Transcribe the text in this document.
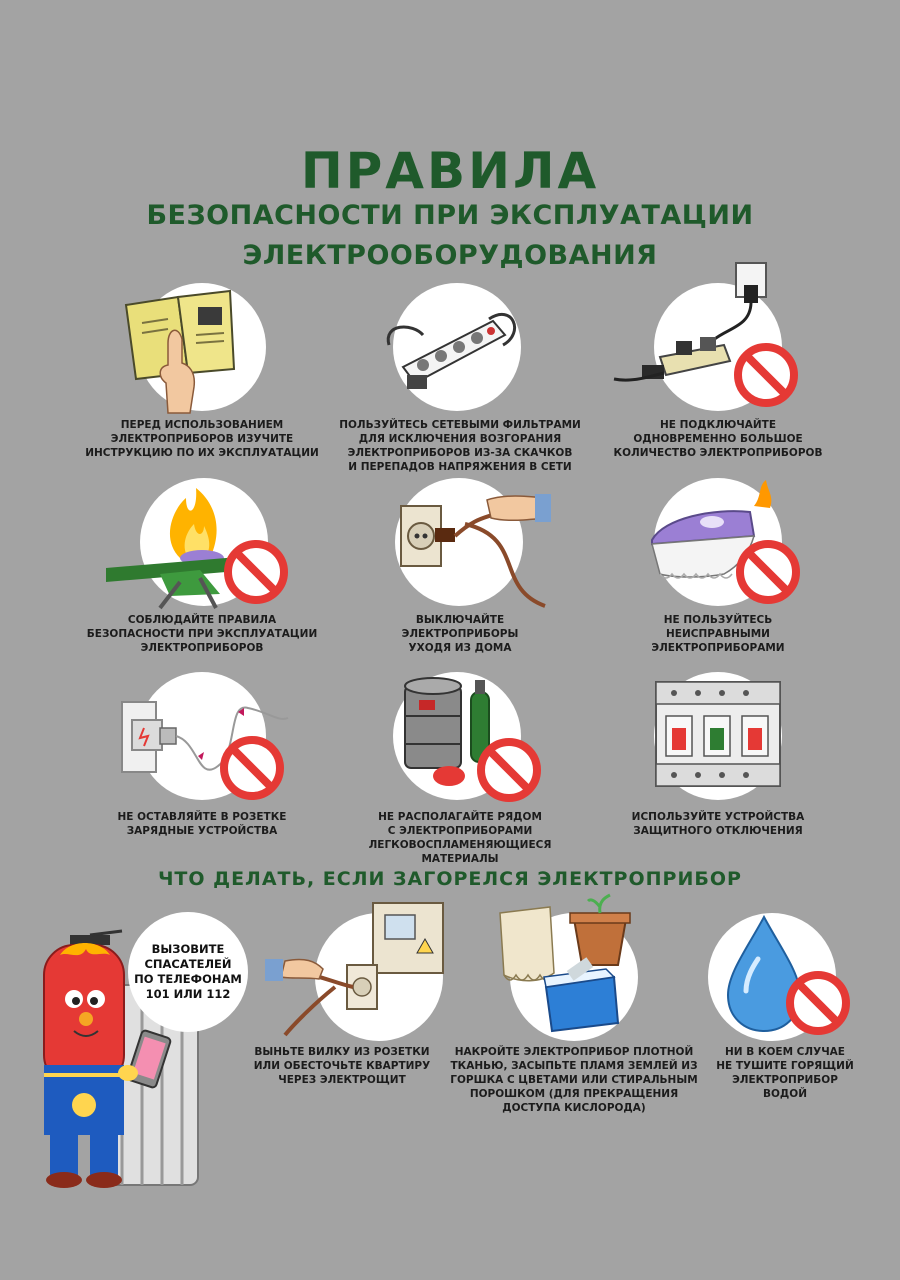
ПРАВИЛА
БЕЗОПАСНОСТИ ПРИ ЭКСПЛУАТАЦИИ
ЭЛЕКТРООБОРУДОВАНИЯ
ПЕРЕД ИСПОЛЬЗОВАНИЕМ
ЭЛЕКТРОПРИБОРОВ ИЗУЧИТЕ
ИНСТРУКЦИЮ ПО ИХ ЭКСПЛУАТАЦИИ
ПОЛЬЗУЙТЕСЬ СЕТЕВЫМИ ФИЛЬТРАМИ
ДЛЯ ИСКЛЮЧЕНИЯ ВОЗГОРАНИЯ
ЭЛЕКТРОПРИБОРОВ ИЗ-ЗА СКАЧКОВ
И ПЕРЕПАДОВ НАПРЯЖЕНИЯ В СЕТИ
НЕ ПОДКЛЮЧАЙТЕ
ОДНОВРЕМЕННО БОЛЬШОЕ
КОЛИЧЕСТВО ЭЛЕКТРОПРИБОРОВ
СОБЛЮДАЙТЕ ПРАВИЛА
БЕЗОПАСНОСТИ ПРИ ЭКСПЛУАТАЦИИ
ЭЛЕКТРОПРИБОРОВ
ВЫКЛЮЧАЙТЕ
ЭЛЕКТРОПРИБОРЫ
УХОДЯ ИЗ ДОМА
НЕ ПОЛЬЗУЙТЕСЬ
НЕИСПРАВНЫМИ
ЭЛЕКТРОПРИБОРАМИ
НЕ ОСТАВЛЯЙТЕ В РОЗЕТКЕ
ЗАРЯДНЫЕ УСТРОЙСТВА
НЕ РАСПОЛАГАЙТЕ РЯДОМ
С ЭЛЕКТРОПРИБОРАМИ
ЛЕГКОВОСПЛАМЕНЯЮЩИЕСЯ
МАТЕРИАЛЫ
ИСПОЛЬЗУЙТЕ УСТРОЙСТВА
ЗАЩИТНОГО ОТКЛЮЧЕНИЯ
ЧТО ДЕЛАТЬ, ЕСЛИ ЗАГОРЕЛСЯ ЭЛЕКТРОПРИБОР
ВЫЗОВИТЕ
СПАСАТЕЛЕЙ
ПО ТЕЛЕФОНАМ
101 ИЛИ 112
ВЫНЬТЕ ВИЛКУ ИЗ РОЗЕТКИ
ИЛИ ОБЕСТОЧЬТЕ КВАРТИРУ
ЧЕРЕЗ ЭЛЕКТРОЩИТ
НАКРОЙТЕ ЭЛЕКТРОПРИБОР ПЛОТНОЙ
ТКАНЬЮ, ЗАСЫПЬТЕ ПЛАМЯ ЗЕМЛЕЙ ИЗ
ГОРШКА С ЦВЕТАМИ ИЛИ СТИРАЛЬНЫМ
ПОРОШКОМ (ДЛЯ ПРЕКРАЩЕНИЯ
ДОСТУПА КИСЛОРОДА)
НИ В КОЕМ СЛУЧАЕ
НЕ ТУШИТЕ ГОРЯЩИЙ
ЭЛЕКТРОПРИБОР
ВОДОЙ
